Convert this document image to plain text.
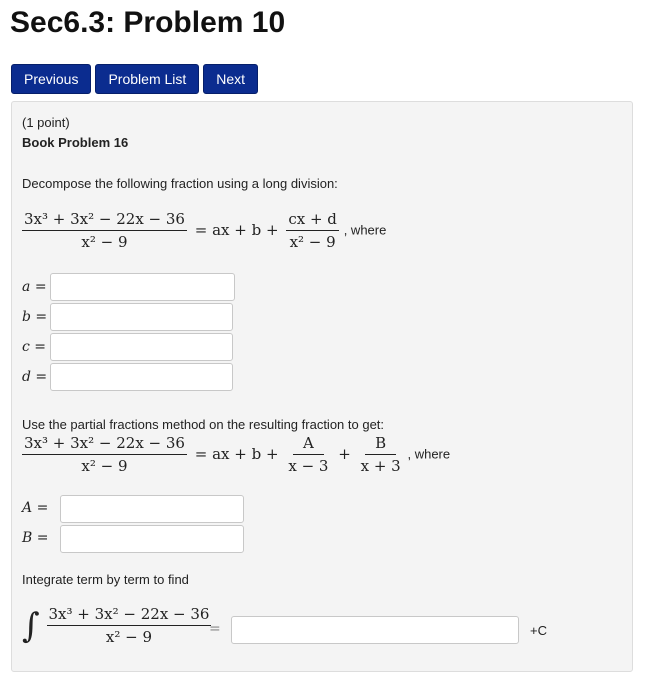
Sec6.3: Problem 10
Previous	Problem List	Next
(1 point)
Book Problem 16
Decompose the following fraction using a long division:
$\frac{\text{3x³ + 3x² − 22x − 36}}{\text{x² − 9}}$ = ax + $b + \frac{cx + d}{\text{x² − 9}}$ , where
a =
b =
c =
d =
Use the partial fractions method on the resulting fraction to get:
$\frac{\text{3x³ + 3x² − 22x − 36}}{\text{x² − 9}}$ = ax + $b + \frac{A}{x - 3} + \frac{B}{x + 3}$ , where
A =
B =
Integrate term by term to find
∫ $\frac{\text{3x³ + 3x² − 22x − 36}}{\text{x² − 9}}$
=	+C
